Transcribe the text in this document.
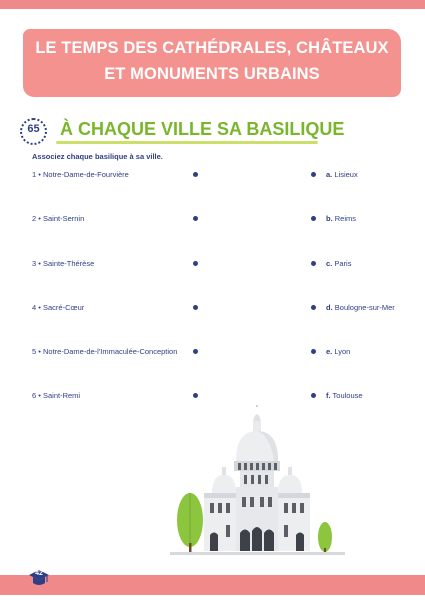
LE TEMPS DES CATHÉDRALES, CHÂTEAUX
ET MONUMENTS URBAINS
65	À CHAQUE VILLE SA BASILIQUE
Associez chaque basilique à sa ville.
1 • Notre-Dame-de-Fourvière	a. Lisieux
2 • Saint-Sernin	b. Reims
3 • Sainte-Thérèse	c. Paris
4 • Sacré-Cœur	d. Boulogne-sur-Mer
5 • Notre-Dame-de-l'Immaculée-Conception	e. Lyon
6 • Saint-Remi	f. Toulouse
42
